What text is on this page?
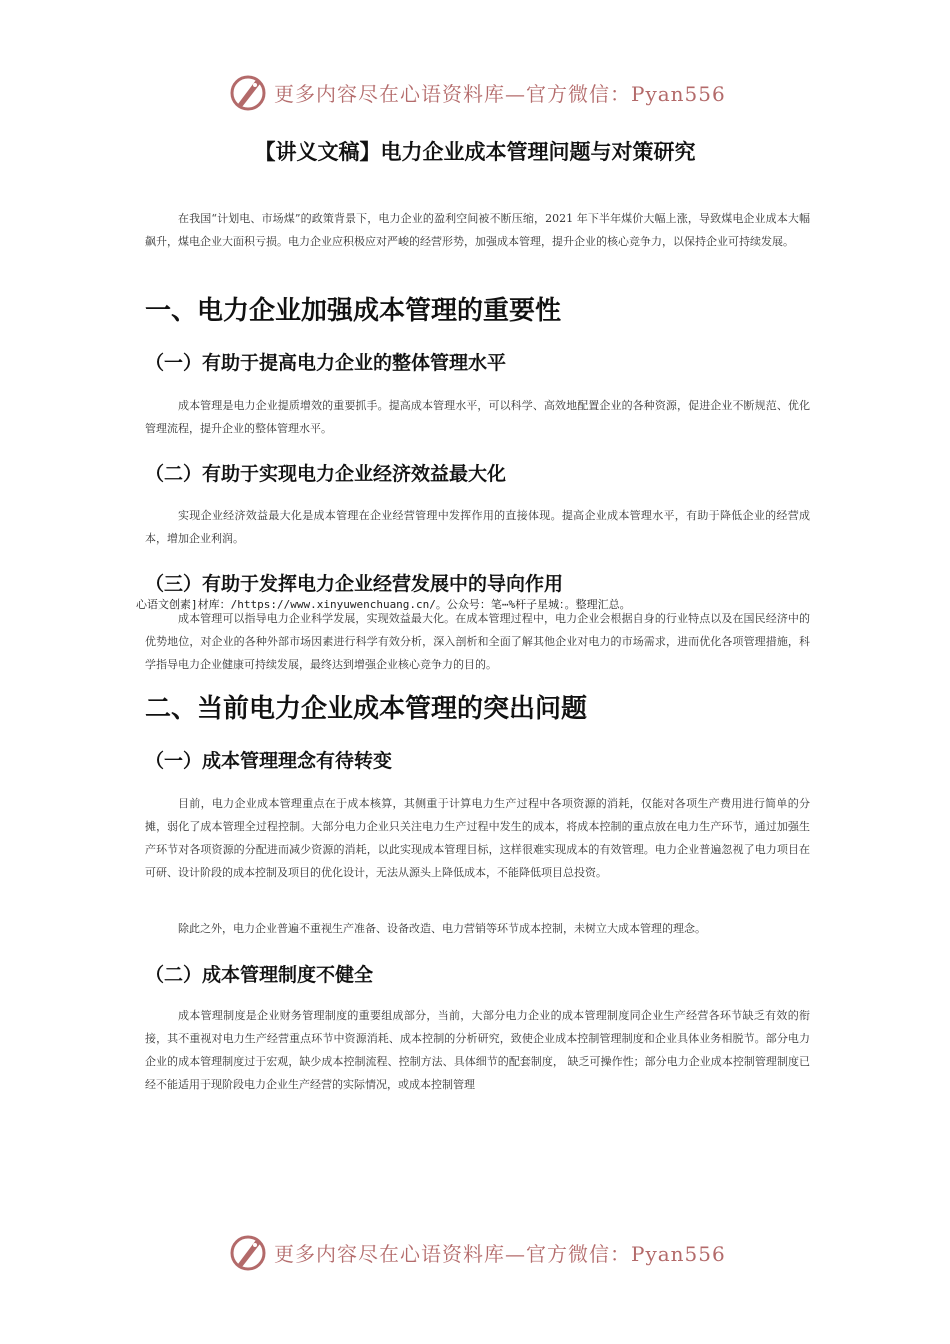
更多内容尽在心语资料库—官方微信：Pyan556
【讲义文稿】电力企业成本管理问题与对策研究

在我国“计划电、市场煤”的政策背景下，电力企业的盈利空间被不断压缩，2021 年下半年煤价大幅上涨，导致煤电企业成本大幅飙升，煤电企业大面积亏损。电力企业应积极应对严峻的经营形势，加强成本管理，提升企业的核心竞争力，以保持企业可持续发展。

一、电力企业加强成本管理的重要性
（一）有助于提高电力企业的整体管理水平

成本管理是电力企业提质增效的重要抓手。提高成本管理水平，可以科学、高效地配置企业的各种资源，促进企业不断规范、优化管理流程，提升企业的整体管理水平。

（二）有助于实现电力企业经济效益最大化

实现企业经济效益最大化是成本管理在企业经营管理中发挥作用的直接体现。提高企业成本管理水平，有助于降低企业的经营成本，增加企业利润。

（三）有助于发挥电力企业经营发展中的导向作用
心语文创素]材库：/https://www.xinyuwenchuang.cn/。公众号：笔⋯%杆子星城：。整理汇总。

成本管理可以指导电力企业科学发展，实现效益最大化。在成本管理过程中，电力企业会根据自身的行业特点以及在国民经济中的优势地位，对企业的各种外部市场因素进行科学有效分析，深入剖析和全面了解其他企业对电力的市场需求，进而优化各项管理措施，科学指导电力企业健康可持续发展，最终达到增强企业核心竞争力的目的。

二、当前电力企业成本管理的突出问题
（一）成本管理理念有待转变

目前，电力企业成本管理重点在于成本核算，其侧重于计算电力生产过程中各项资源的消耗，仅能对各项生产费用进行简单的分摊，弱化了成本管理全过程控制。大部分电力企业只关注电力生产过程中发生的成本，将成本控制的重点放在电力生产环节，通过加强生产环节对各项资源的分配进而减少资源的消耗，以此实现成本管理目标，这样很难实现成本的有效管理。电力企业普遍忽视了电力项目在可研、设计阶段的成本控制及项目的优化设计，无法从源头上降低成本，不能降低项目总投资。

除此之外，电力企业普遍不重视生产准备、设备改造、电力营销等环节成本控制，未树立大成本管理的理念。

（二）成本管理制度不健全

成本管理制度是企业财务管理制度的重要组成部分，当前，大部分电力企业的成本管理制度同企业生产经营各环节缺乏有效的衔接，其不重视对电力生产经营重点环节中资源消耗、成本控制的分析研究，致使企业成本控制管理制度和企业具体业务相脱节。部分电力企业的成本管理制度过于宏观，缺少成本控制流程、控制方法、具体细节的配套制度， 缺乏可操作性；部分电力企业成本控制管理制度已经不能适用于现阶段电力企业生产经营的实际情况，或成本控制管理

更多内容尽在心语资料库—官方微信：Pyan556
